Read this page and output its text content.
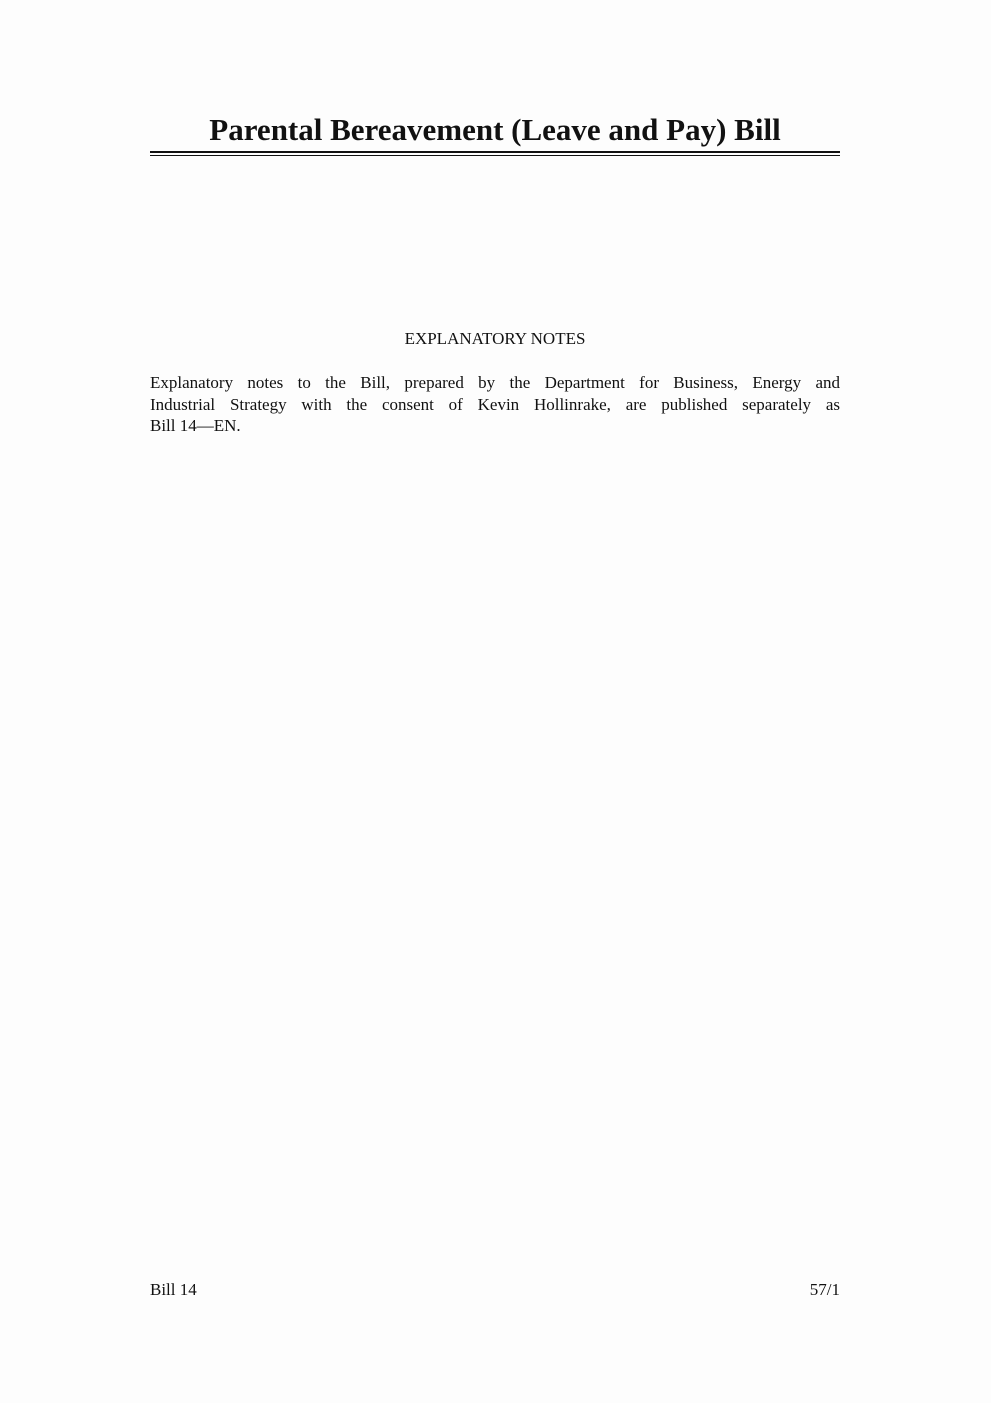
Parental Bereavement (Leave and Pay) Bill
EXPLANATORY NOTES

Explanatory notes to the Bill, prepared by the Department for Business, Energy and
Industrial Strategy with the consent of Kevin Hollinrake, are published separately as
Bill 14—EN.

Bill 14	57/1
